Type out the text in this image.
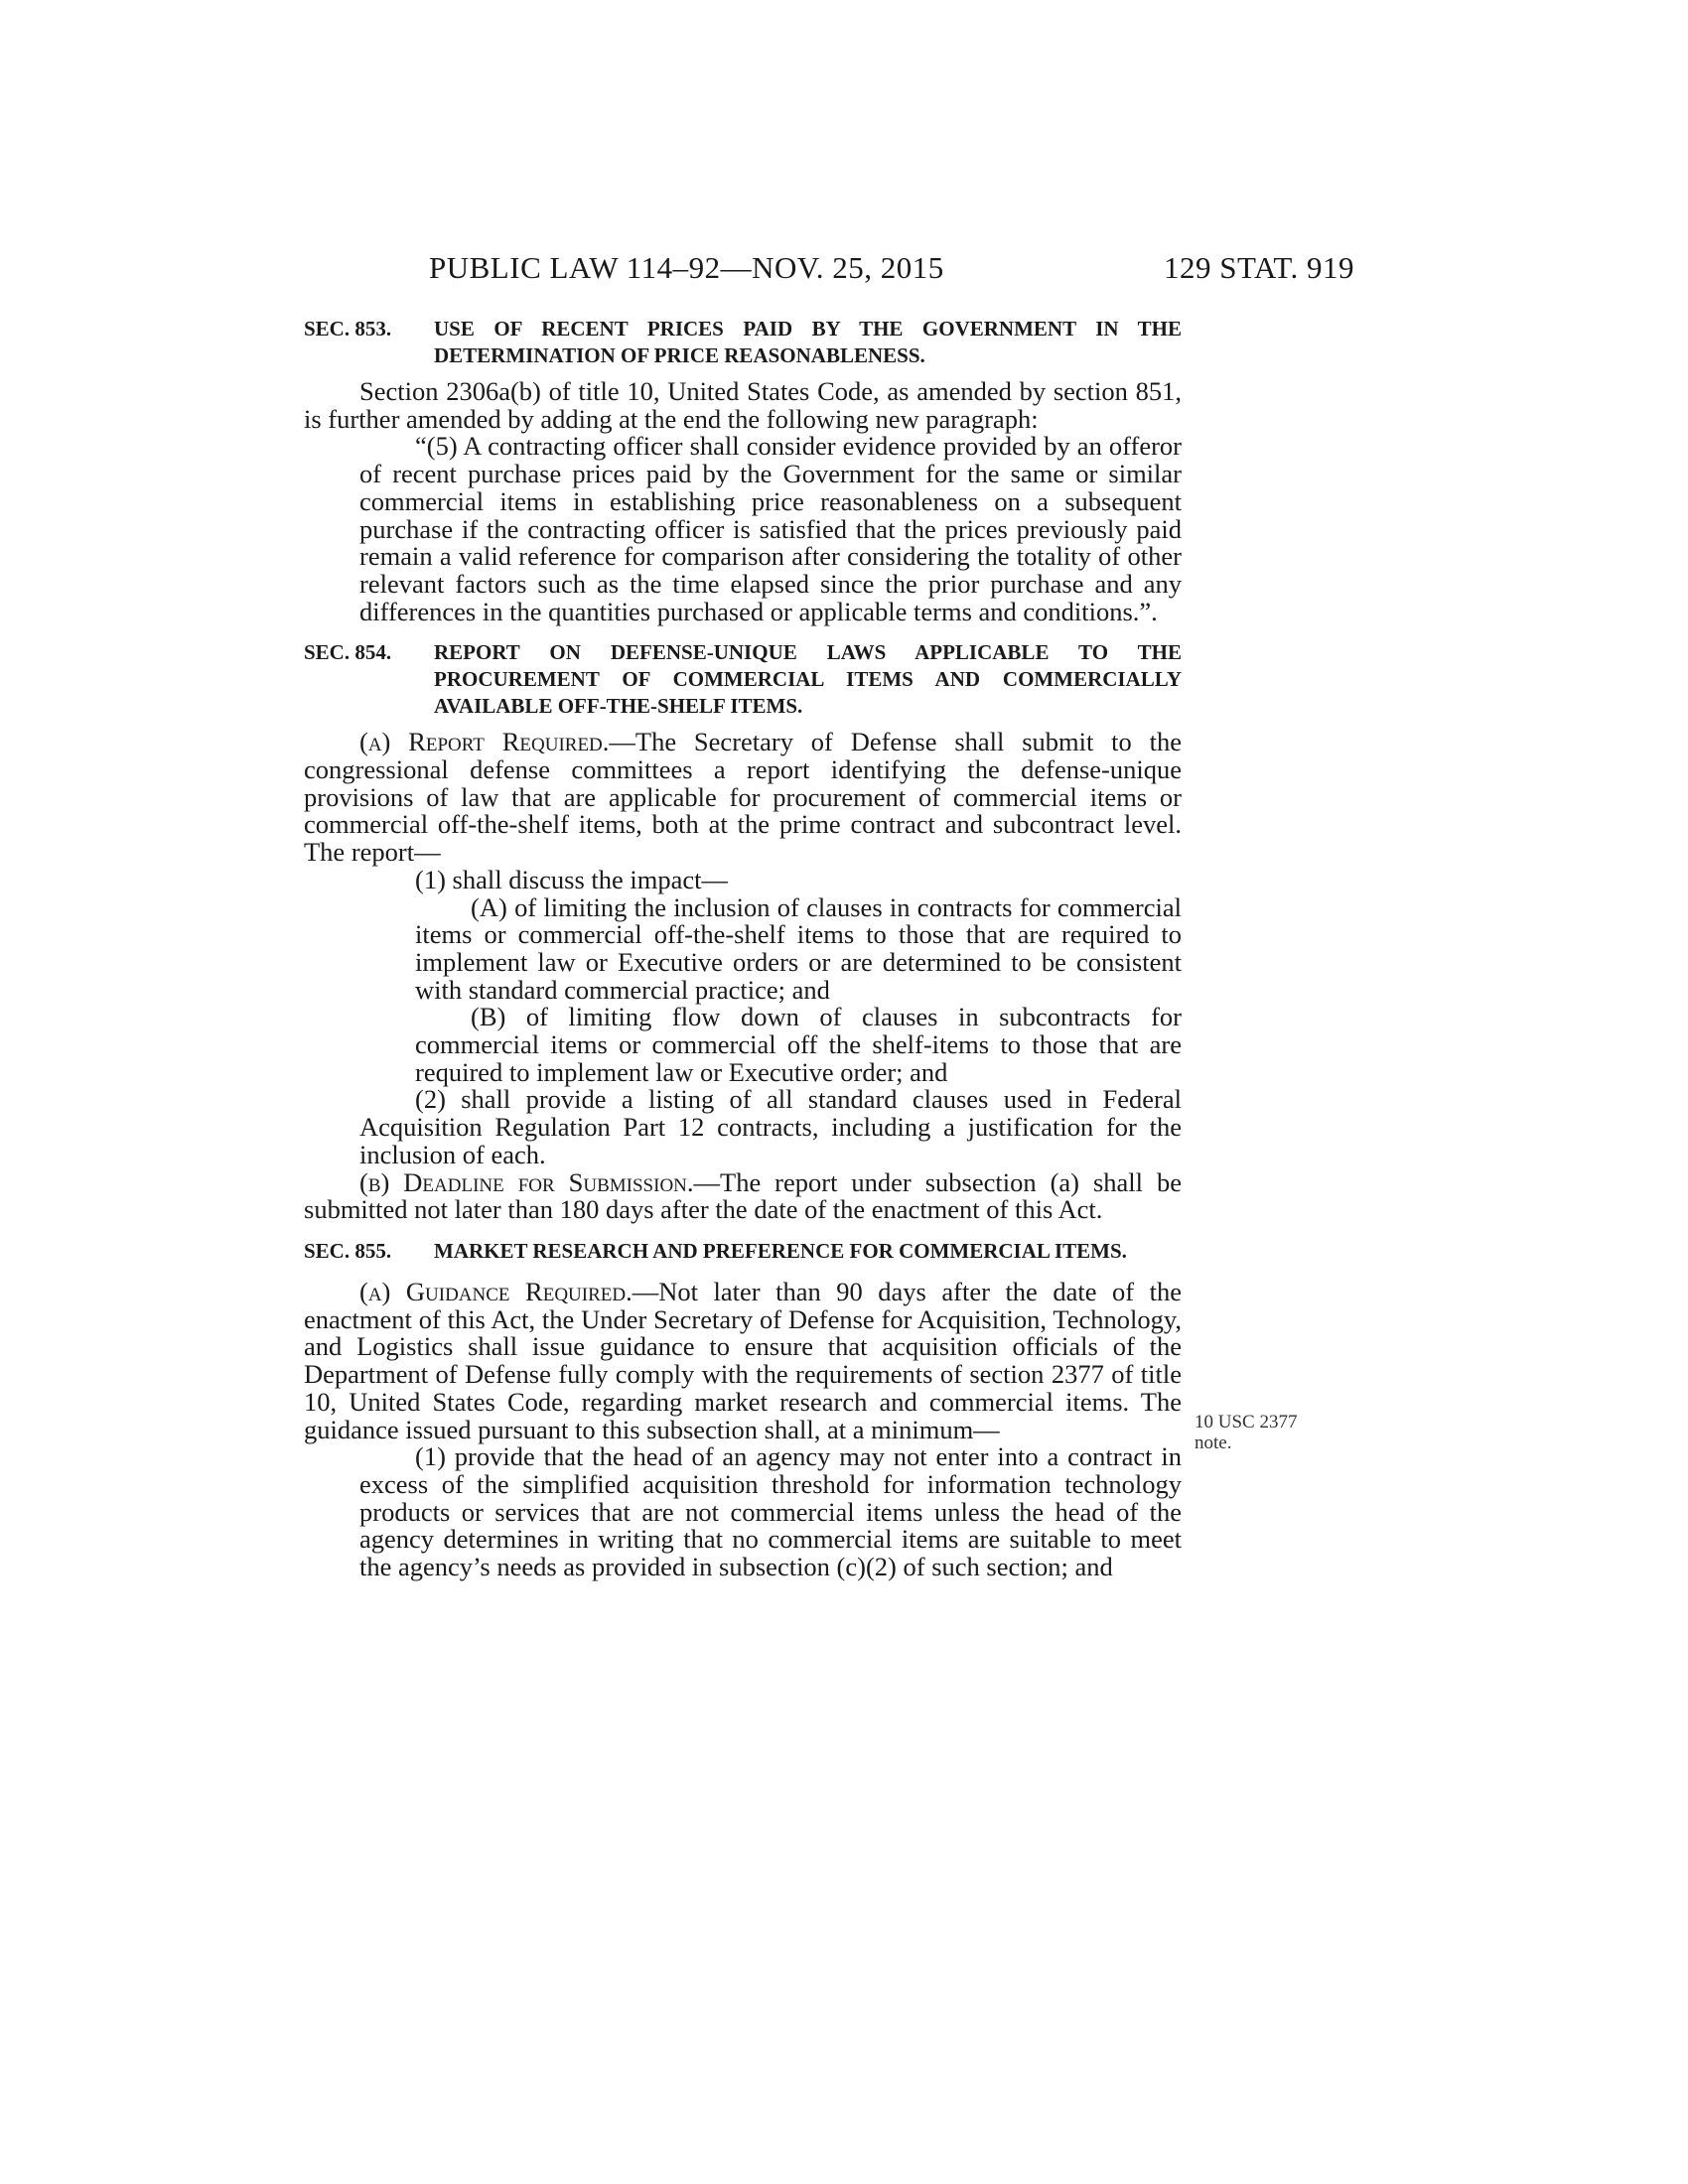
PUBLIC LAW 114–92—NOV. 25, 2015	129 STAT. 919
SEC. 853. USE OF RECENT PRICES PAID BY THE GOVERNMENT IN THE DETERMINATION OF PRICE REASONABLENESS.

Section 2306a(b) of title 10, United States Code, as amended by section 851, is further amended by adding at the end the following new paragraph:

“(5) A contracting officer shall consider evidence provided by an offeror of recent purchase prices paid by the Government for the same or similar commercial items in establishing price reasonableness on a subsequent purchase if the contracting officer is satisfied that the prices previously paid remain a valid reference for comparison after considering the totality of other relevant factors such as the time elapsed since the prior purchase and any differences in the quantities purchased or applicable terms and conditions.”.

SEC. 854. REPORT ON DEFENSE-UNIQUE LAWS APPLICABLE TO THE PROCUREMENT OF COMMERCIAL ITEMS AND COMMERCIALLY AVAILABLE OFF-THE-SHELF ITEMS.

(a) Report Required.—The Secretary of Defense shall submit to the congressional defense committees a report identifying the defense-unique provisions of law that are applicable for procurement of commercial items or commercial off-the-shelf items, both at the prime contract and subcontract level. The report—

(1) shall discuss the impact—

(A) of limiting the inclusion of clauses in contracts for commercial items or commercial off-the-shelf items to those that are required to implement law or Executive orders or are determined to be consistent with standard commercial practice; and

(B) of limiting flow down of clauses in subcontracts for commercial items or commercial off the shelf-items to those that are required to implement law or Executive order; and

(2) shall provide a listing of all standard clauses used in Federal Acquisition Regulation Part 12 contracts, including a justification for the inclusion of each.

(b) Deadline for Submission.—The report under subsection (a) shall be submitted not later than 180 days after the date of the enactment of this Act.

SEC. 855. MARKET RESEARCH AND PREFERENCE FOR COMMERCIAL ITEMS.

(a) Guidance Required.—Not later than 90 days after the date of the enactment of this Act, the Under Secretary of Defense for Acquisition, Technology, and Logistics shall issue guidance to ensure that acquisition officials of the Department of Defense fully comply with the requirements of section 2377 of title 10, United States Code, regarding market research and commercial items. The guidance issued pursuant to this subsection shall, at a minimum—

(1) provide that the head of an agency may not enter into a contract in excess of the simplified acquisition threshold for information technology products or services that are not commercial items unless the head of the agency determines in writing that no commercial items are suitable to meet the agency’s needs as provided in subsection (c)(2) of such section; and

10 USC 2377
note.
